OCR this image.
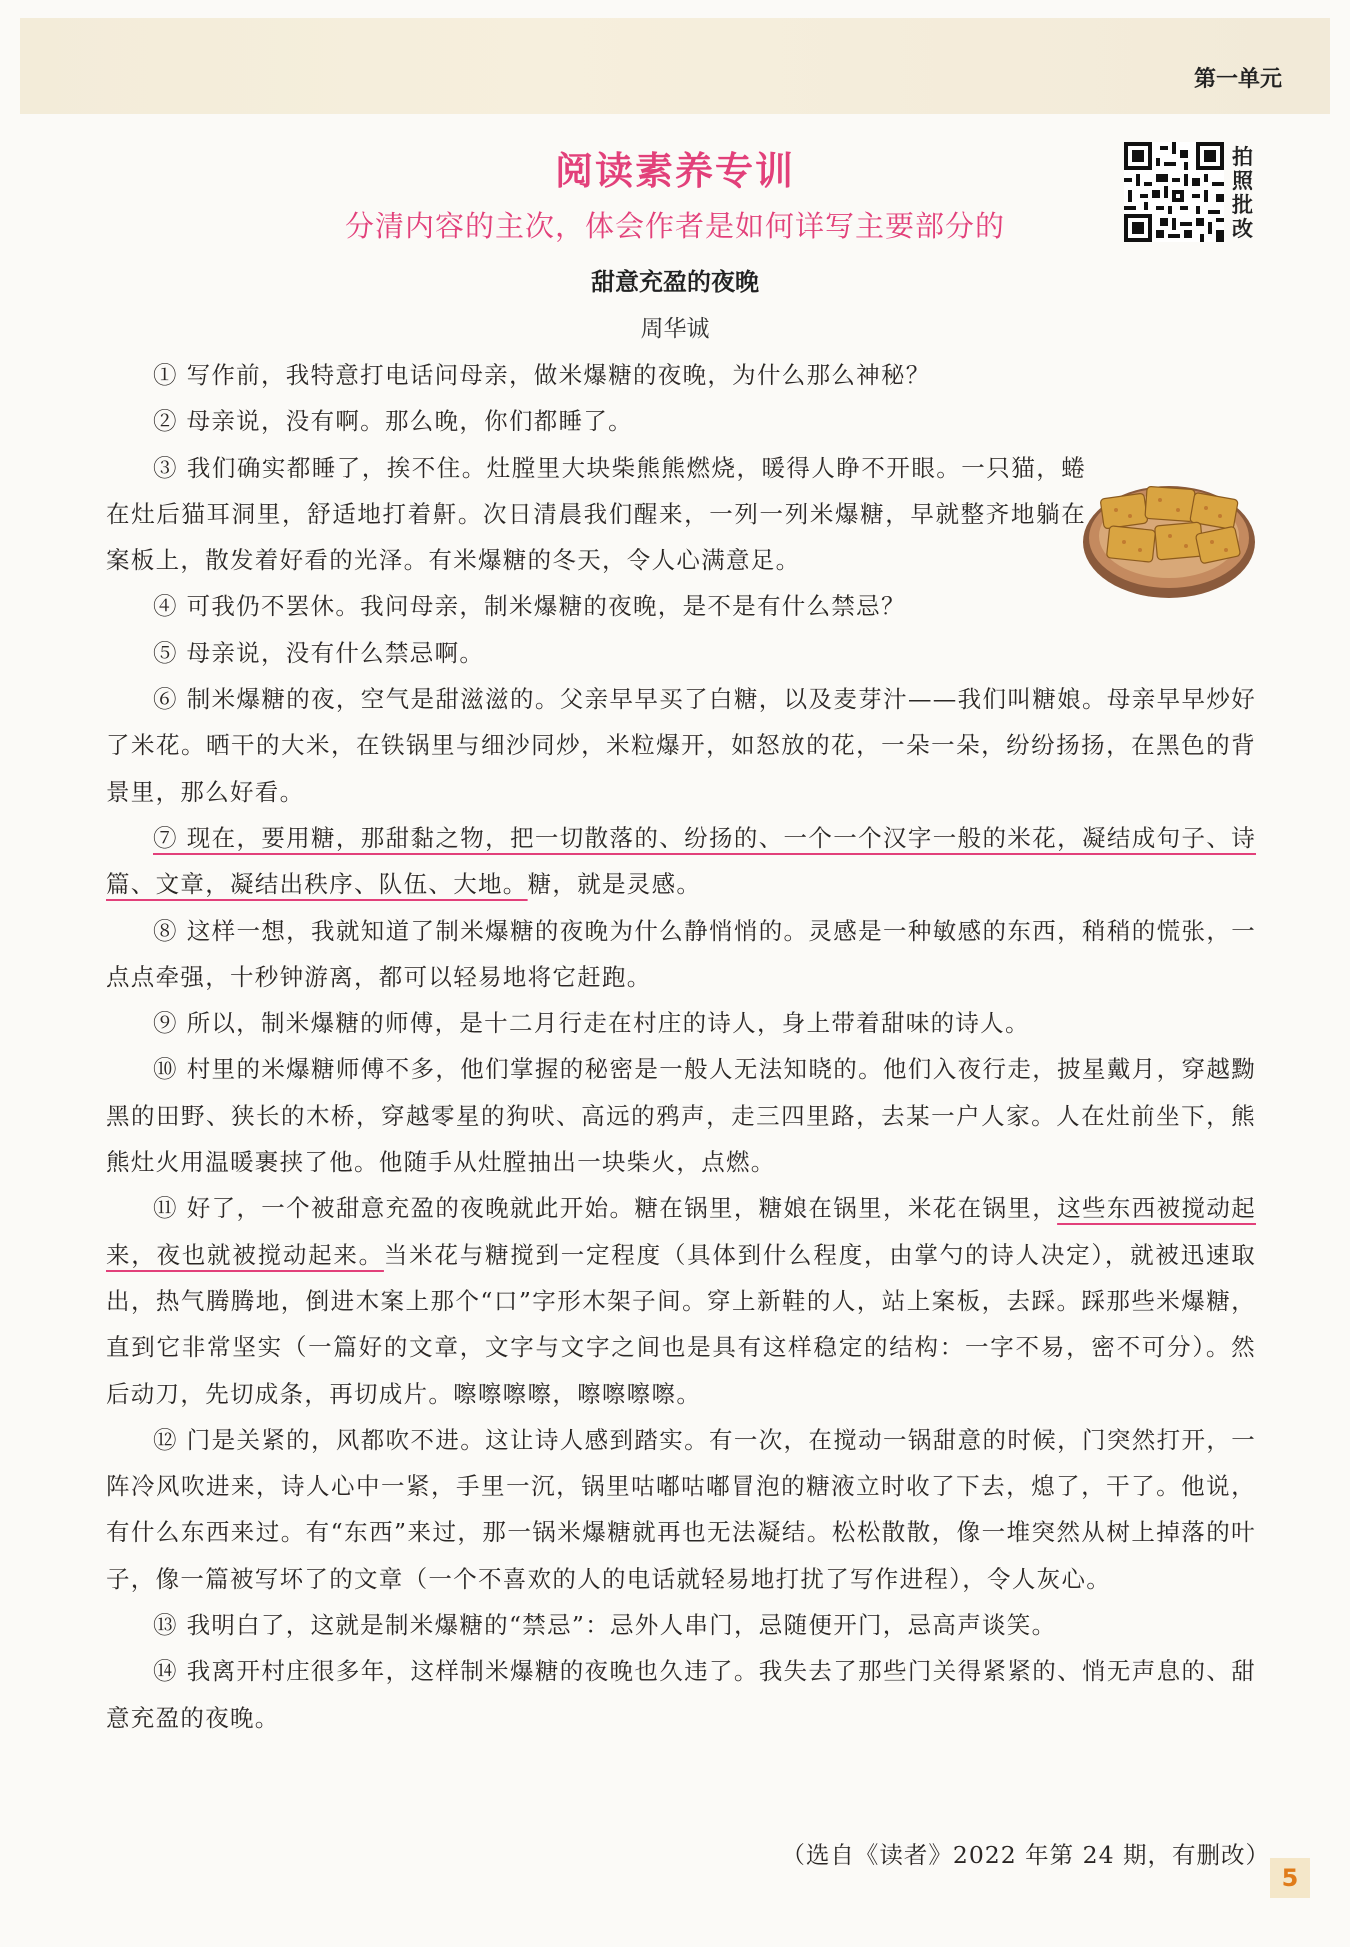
第一单元
阅读素养专训
分清内容的主次，体会作者是如何详写主要部分的
拍照批改
甜意充盈的夜晚
周华诚

① 写作前，我特意打电话问母亲，做米爆糖的夜晚，为什么那么神秘？

② 母亲说，没有啊。那么晚，你们都睡了。

③ 我们确实都睡了，挨不住。灶膛里大块柴熊熊燃烧，暖得人睁不开眼。一只猫，蜷在灶后猫耳洞里，舒适地打着鼾。次日清晨我们醒来，一列一列米爆糖，早就整齐地躺在案板上，散发着好看的光泽。有米爆糖的冬天，令人心满意足。

④ 可我仍不罢休。我问母亲，制米爆糖的夜晚，是不是有什么禁忌？

⑤ 母亲说，没有什么禁忌啊。

⑥ 制米爆糖的夜，空气是甜滋滋的。父亲早早买了白糖，以及麦芽汁——我们叫糖娘。母亲早早炒好了米花。晒干的大米，在铁锅里与细沙同炒，米粒爆开，如怒放的花，一朵一朵，纷纷扬扬，在黑色的背景里，那么好看。

⑦ 现在，要用糖，那甜黏之物，把一切散落的、纷扬的、一个一个汉字一般的米花，凝结成句子、诗篇、文章，凝结出秩序、队伍、大地。糖，就是灵感。

⑧ 这样一想，我就知道了制米爆糖的夜晚为什么静悄悄的。灵感是一种敏感的东西，稍稍的慌张，一点点牵强，十秒钟游离，都可以轻易地将它赶跑。

⑨ 所以，制米爆糖的师傅，是十二月行走在村庄的诗人，身上带着甜味的诗人。

⑩ 村里的米爆糖师傅不多，他们掌握的秘密是一般人无法知晓的。他们入夜行走，披星戴月，穿越黝黑的田野、狭长的木桥，穿越零星的狗吠、高远的鸦声，走三四里路，去某一户人家。人在灶前坐下，熊熊灶火用温暖裹挟了他。他随手从灶膛抽出一块柴火，点燃。

⑪ 好了，一个被甜意充盈的夜晚就此开始。糖在锅里，糖娘在锅里，米花在锅里，这些东西被搅动起来，夜也就被搅动起来。当米花与糖搅到一定程度（具体到什么程度，由掌勺的诗人决定），就被迅速取出，热气腾腾地，倒进木案上那个“口”字形木架子间。穿上新鞋的人，站上案板，去踩。踩那些米爆糖，直到它非常坚实（一篇好的文章，文字与文字之间也是具有这样稳定的结构：一字不易，密不可分）。然后动刀，先切成条，再切成片。嚓嚓嚓嚓，嚓嚓嚓嚓。

⑫ 门是关紧的，风都吹不进。这让诗人感到踏实。有一次，在搅动一锅甜意的时候，门突然打开，一阵冷风吹进来，诗人心中一紧，手里一沉，锅里咕嘟咕嘟冒泡的糖液立时收了下去，熄了，干了。他说，有什么东西来过。有“东西”来过，那一锅米爆糖就再也无法凝结。松松散散，像一堆突然从树上掉落的叶子，像一篇被写坏了的文章（一个不喜欢的人的电话就轻易地打扰了写作进程），令人灰心。

⑬ 我明白了，这就是制米爆糖的“禁忌”：忌外人串门，忌随便开门，忌高声谈笑。

⑭ 我离开村庄很多年，这样制米爆糖的夜晚也久违了。我失去了那些门关得紧紧的、悄无声息的、甜意充盈的夜晚。

（选自《读者》2022 年第 24 期，有删改）
5
